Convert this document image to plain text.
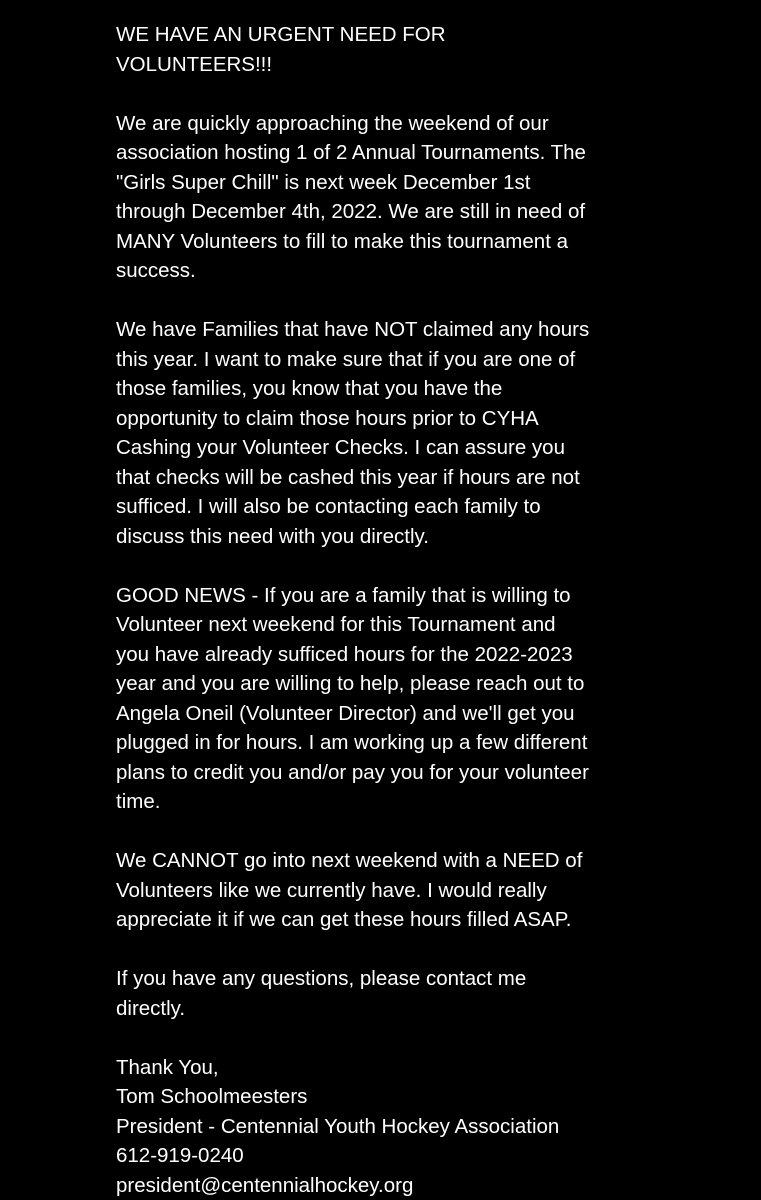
WE HAVE AN URGENT NEED FOR
VOLUNTEERS!!!

We are quickly approaching the weekend of our
association hosting 1 of 2 Annual Tournaments. The
"Girls Super Chill" is next week December 1st
through December 4th, 2022. We are still in need of
MANY Volunteers to fill to make this tournament a
success.

We have Families that have NOT claimed any hours
this year. I want to make sure that if you are one of
those families, you know that you have the
opportunity to claim those hours prior to CYHA
Cashing your Volunteer Checks. I can assure you
that checks will be cashed this year if hours are not
sufficed. I will also be contacting each family to
discuss this need with you directly.

GOOD NEWS - If you are a family that is willing to
Volunteer next weekend for this Tournament and
you have already sufficed hours for the 2022-2023
year and you are willing to help, please reach out to
Angela Oneil (Volunteer Director) and we'll get you
plugged in for hours. I am working up a few different
plans to credit you and/or pay you for your volunteer
time.

We CANNOT go into next weekend with a NEED of
Volunteers like we currently have. I would really
appreciate it if we can get these hours filled ASAP.

If you have any questions, please contact me
directly.

Thank You,
Tom Schoolmeesters
President - Centennial Youth Hockey Association
612-919-0240
president@centennialhockey.org
